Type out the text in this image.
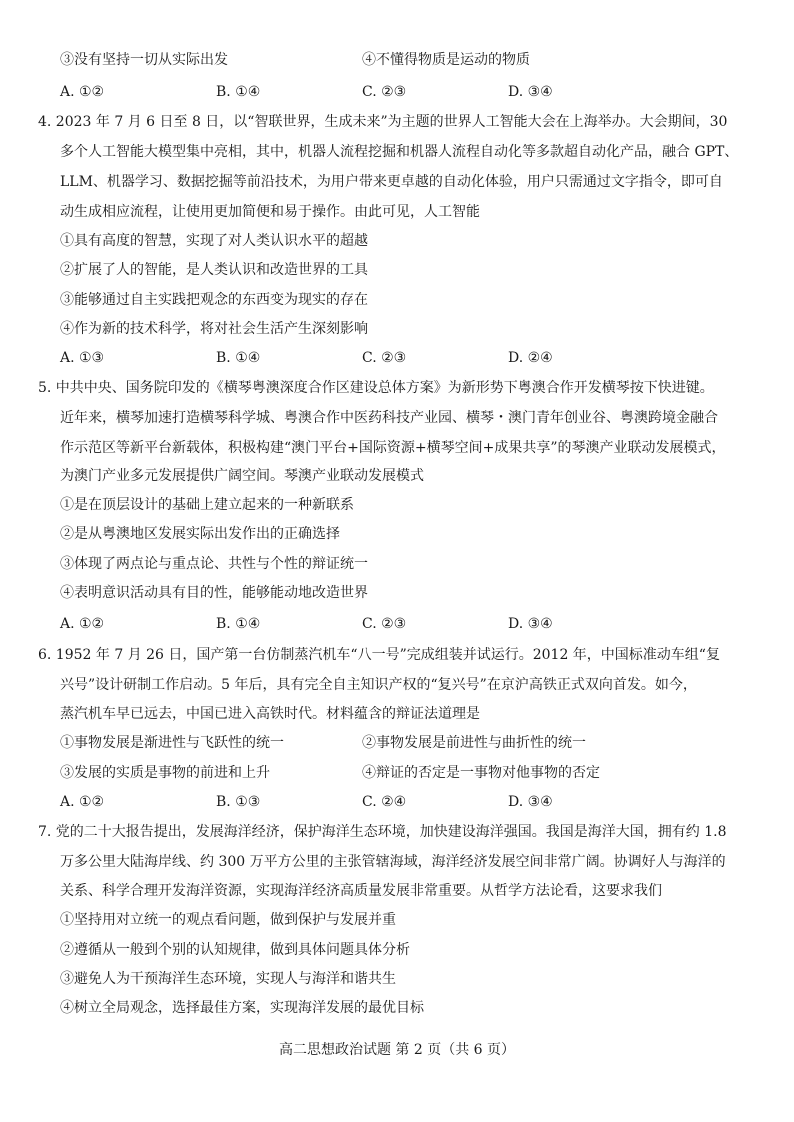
③没有坚持一切从实际出发	④不懂得物质是运动的物质
A. ①②	B. ①④	C. ②③	D. ③④
4. 2023 年 7 月 6 日至 8 日，以“智联世界，生成未来”为主题的世界人工智能大会在上海举办。大会期间，30
多个人工智能大模型集中亮相，其中，机器人流程挖掘和机器人流程自动化等多款超自动化产品，融合 GPT、
LLM、机器学习、数据挖掘等前沿技术，为用户带来更卓越的自动化体验，用户只需通过文字指令，即可自
动生成相应流程，让使用更加简便和易于操作。由此可见，人工智能
①具有高度的智慧，实现了对人类认识水平的超越
②扩展了人的智能，是人类认识和改造世界的工具
③能够通过自主实践把观念的东西变为现实的存在
④作为新的技术科学，将对社会生活产生深刻影响
A. ①③	B. ①④	C. ②③	D. ②④
5. 中共中央、国务院印发的《横琴粤澳深度合作区建设总体方案》为新形势下粤澳合作开发横琴按下快进键。
近年来，横琴加速打造横琴科学城、粤澳合作中医药科技产业园、横琴・澳门青年创业谷、粤澳跨境金融合
作示范区等新平台新载体，积极构建“澳门平台+国际资源+横琴空间+成果共享”的琴澳产业联动发展模式，
为澳门产业多元发展提供广阔空间。琴澳产业联动发展模式
①是在顶层设计的基础上建立起来的一种新联系
②是从粤澳地区发展实际出发作出的正确选择
③体现了两点论与重点论、共性与个性的辩证统一
④表明意识活动具有目的性，能够能动地改造世界
A. ①②	B. ①④	C. ②③	D. ③④
6. 1952 年 7 月 26 日，国产第一台仿制蒸汽机车“八一号”完成组装并试运行。2012 年，中国标准动车组“复
兴号”设计研制工作启动。5 年后，具有完全自主知识产权的“复兴号”在京沪高铁正式双向首发。如今，
蒸汽机车早已远去，中国已进入高铁时代。材料蕴含的辩证法道理是
①事物发展是渐进性与飞跃性的统一	②事物发展是前进性与曲折性的统一
③发展的实质是事物的前进和上升	④辩证的否定是一事物对他事物的否定
A. ①②	B. ①③	C. ②④	D. ③④
7. 党的二十大报告提出，发展海洋经济，保护海洋生态环境，加快建设海洋强国。我国是海洋大国，拥有约 1.8
万多公里大陆海岸线、约 300 万平方公里的主张管辖海域，海洋经济发展空间非常广阔。协调好人与海洋的
关系、科学合理开发海洋资源，实现海洋经济高质量发展非常重要。从哲学方法论看，这要求我们
①坚持用对立统一的观点看问题，做到保护与发展并重
②遵循从一般到个别的认知规律，做到具体问题具体分析
③避免人为干预海洋生态环境，实现人与海洋和谐共生
④树立全局观念，选择最佳方案，实现海洋发展的最优目标
高二思想政治试题 第 2 页（共 6 页）
